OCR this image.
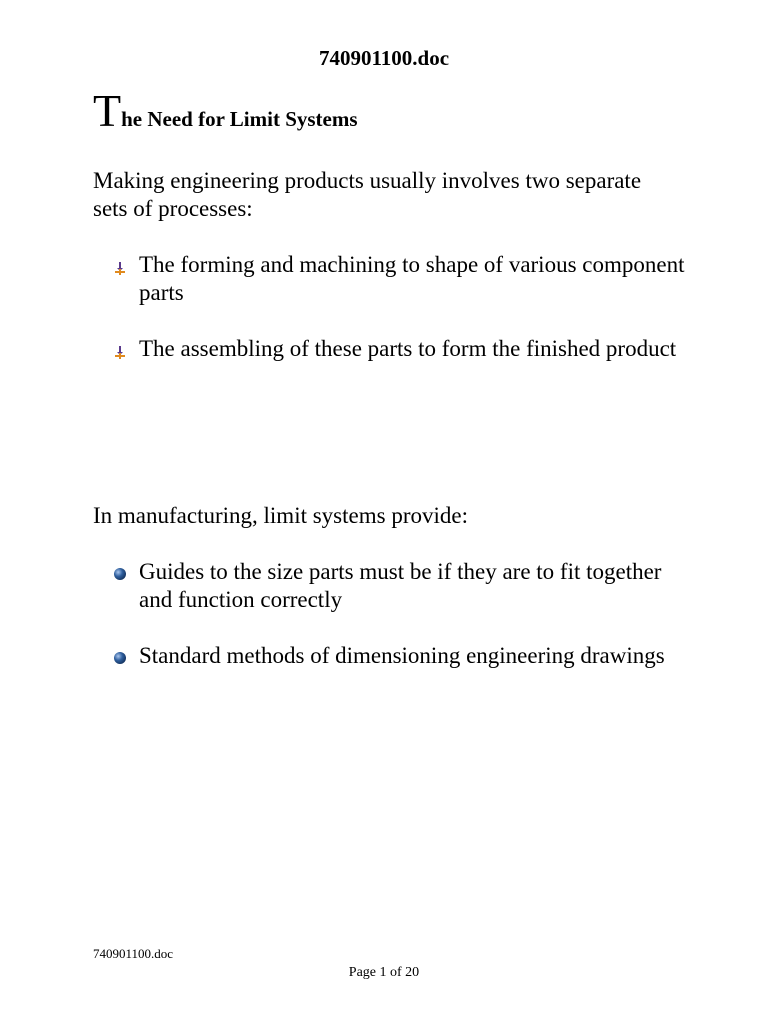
740901100.doc
The Need for Limit Systems
Making engineering products usually involves two separate sets of processes:
The forming and machining to shape of various component parts
The assembling of these parts to form the finished product
In manufacturing, limit systems provide:
Guides to the size parts must be if they are to fit together and function correctly
Standard methods of dimensioning engineering drawings
740901100.doc
Page 1 of 20
